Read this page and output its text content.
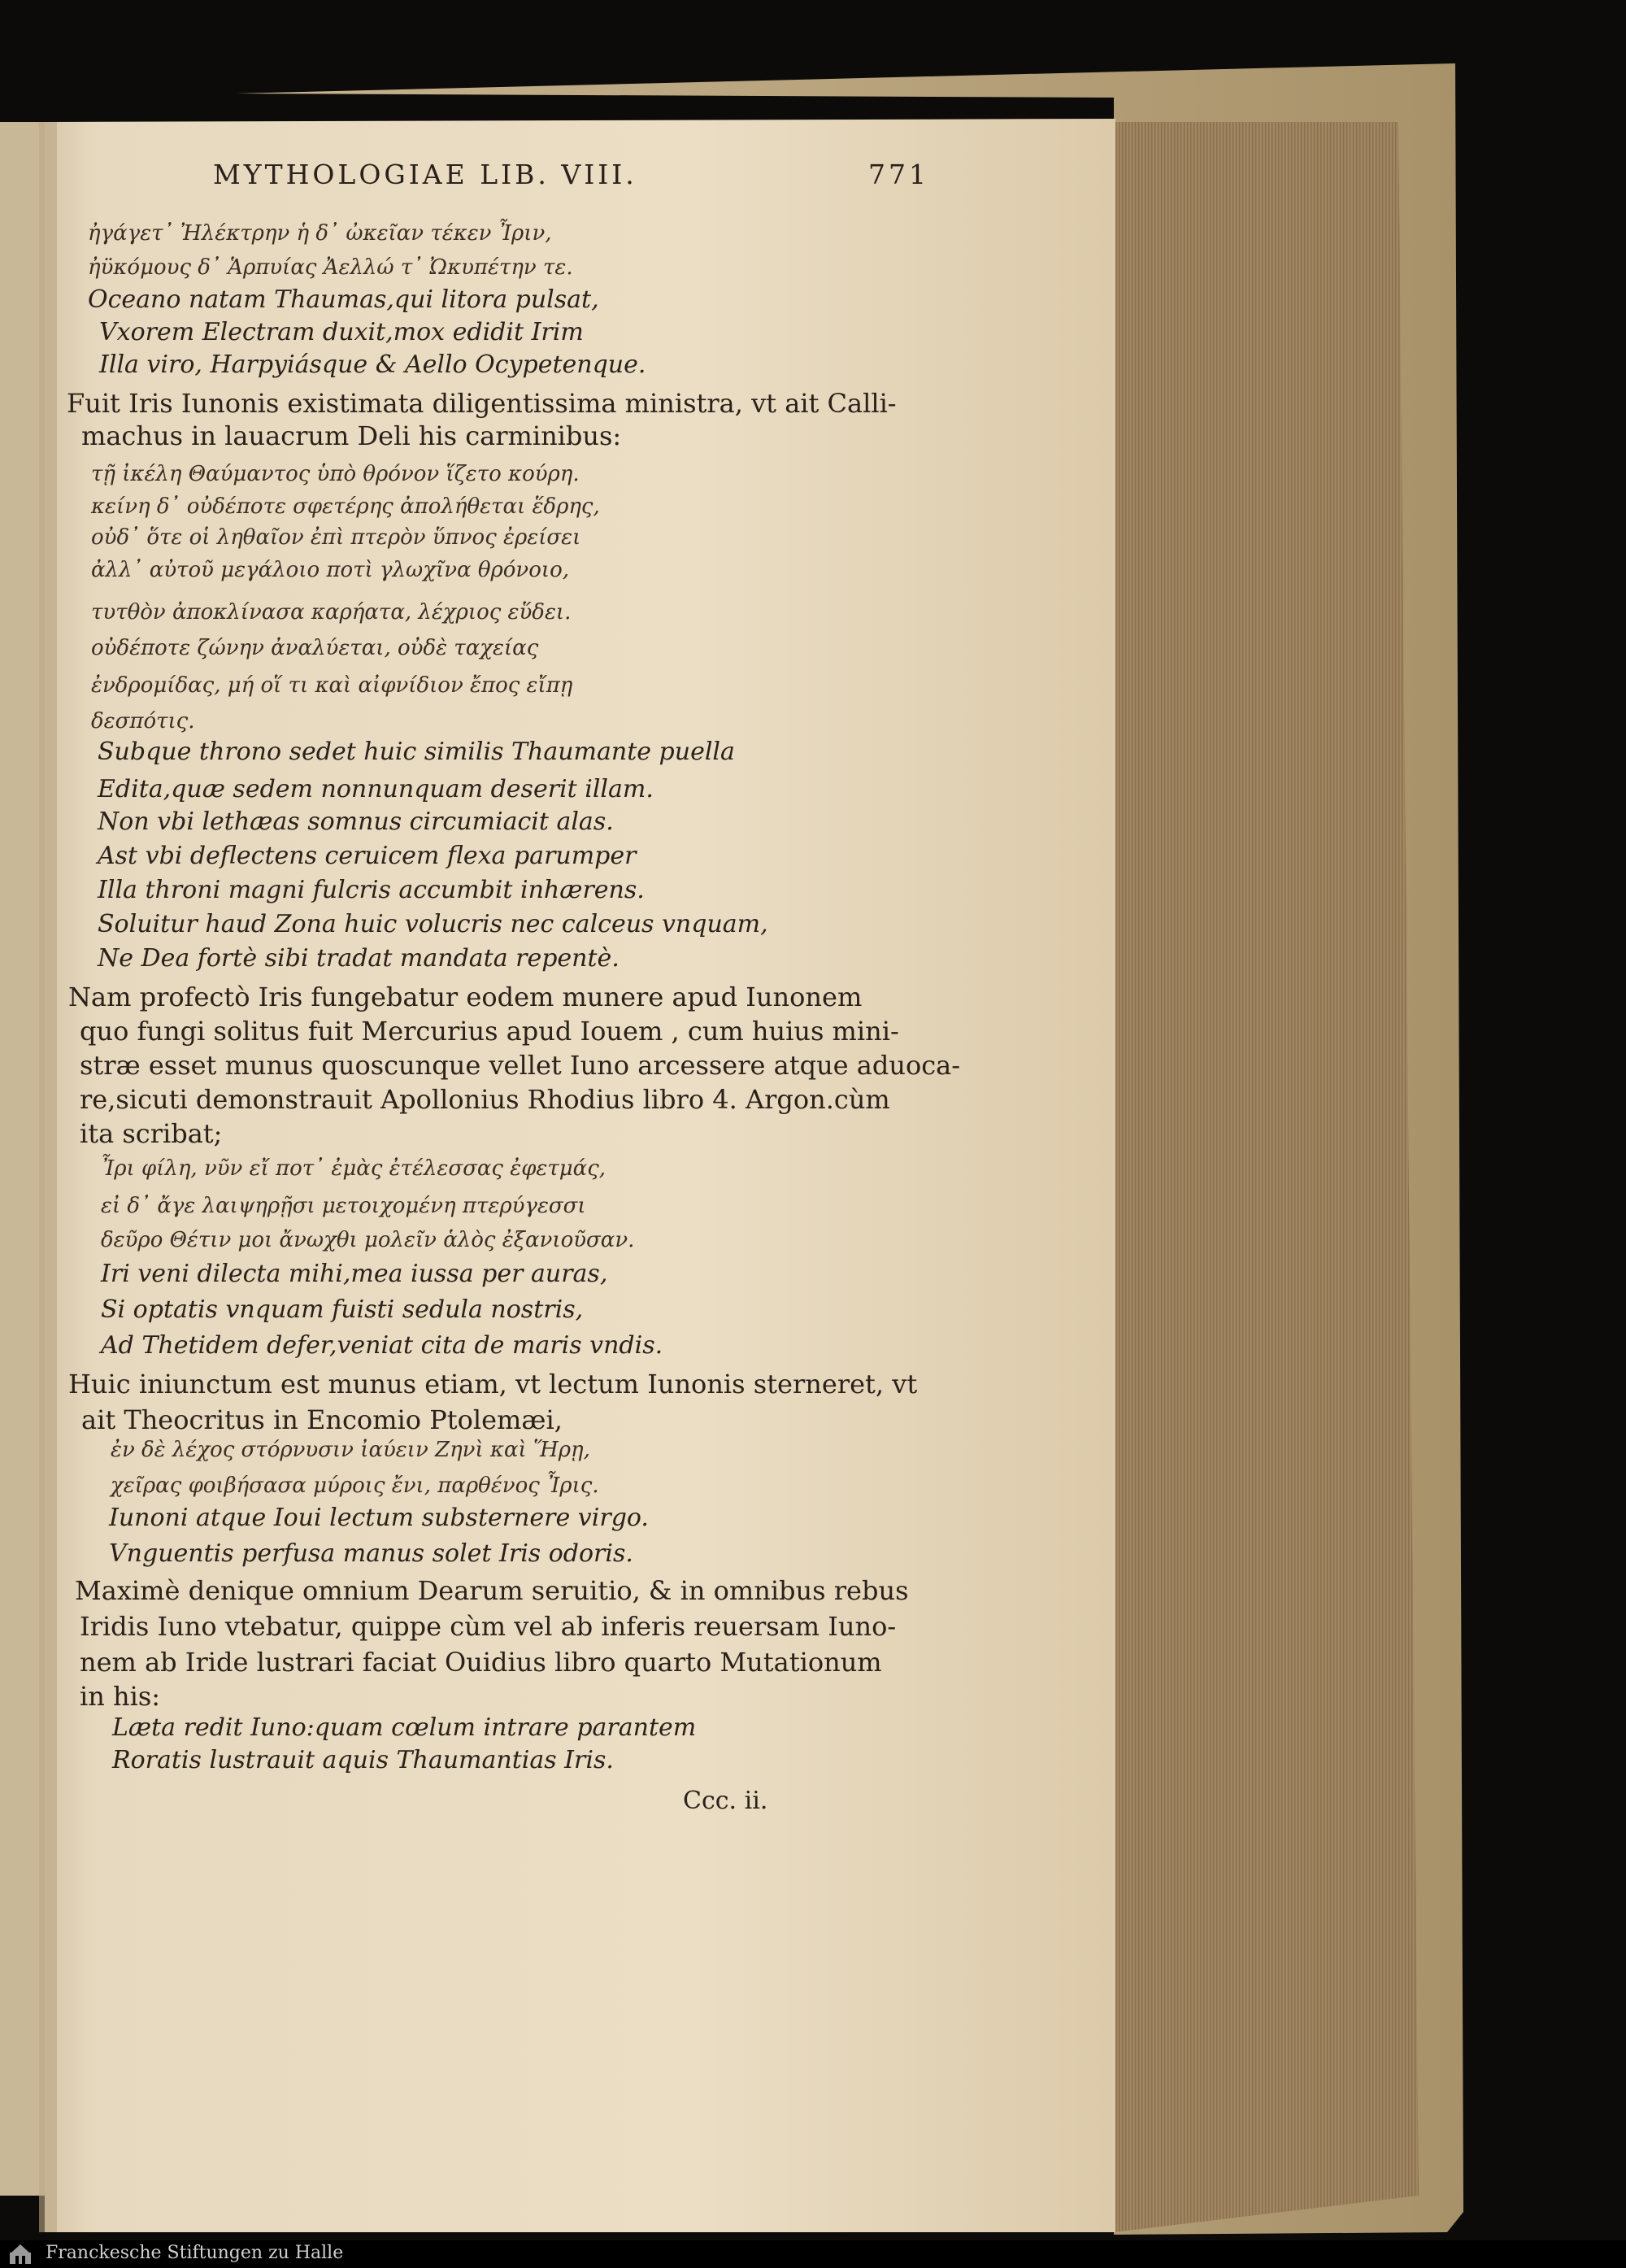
MYTHOLOGIAE LIB. VIII.	771
ἠγάγετ᾽ Ἠλέκτρην ἡ δ᾽ ὠκεῖαν τέκεν Ἶριν,
ἠϋκόμους δ᾽ Ἁρπυίας Ἀελλώ τ᾽ Ὠκυπέτην τε.
Oceano natam Thaumas,qui litora pulsat,
Vxorem Electram duxit,mox edidit Irim
Illa viro, Harpyiásque & Aello Ocypetenque.
Fuit Iris Iunonis existimata diligentissima ministra, vt ait Calli-
machus in lauacrum Deli his carminibus:
τῇ ἰκέλη Θαύμαντος ὑπὸ θρόνον ἵζετο κούρη.
κείνη δ᾽ οὐδέποτε σφετέρης ἀπολήθεται ἕδρης,
οὐδ᾽ ὅτε οἱ ληθαῖον ἐπὶ πτερὸν ὕπνος ἐρείσει
ἀλλ᾽ αὐτοῦ μεγάλοιο ποτὶ γλωχῖνα θρόνοιο,
τυτθὸν ἀποκλίνασα καρήατα, λέχριος εὕδει.
οὐδέποτε ζώνην ἀναλύεται, οὐδὲ ταχείας
ἐνδρομίδας, μή οἵ τι καὶ αἰφνίδιον ἔπος εἴπῃ
δεσπότις.
Subque throno sedet huic similis Thaumante puella
Edita,quæ sedem nonnunquam deserit illam.
Non vbi lethæas somnus circumiacit alas.
Ast vbi deflectens ceruicem flexa parumper
Illa throni magni fulcris accumbit inhærens.
Soluitur haud Zona huic volucris nec calceus vnquam,
Ne Dea fortè sibi tradat mandata repentè.
Nam profectò Iris fungebatur eodem munere apud Iunonem
quo fungi solitus fuit Mercurius apud Iouem , cum huius mini-
stræ esset munus quoscunque vellet Iuno arcessere atque aduoca-
re,sicuti demonstrauit Apollonius Rhodius libro 4. Argon.cùm
ita scribat;
Ἶρι φίλη, νῦν εἴ ποτ᾽ ἐμὰς ἐτέλεσσας ἐφετμάς,
εἰ δ᾽ ἄγε λαιψηρῇσι μετοιχομένη πτερύγεσσι
δεῦρο Θέτιν μοι ἄνωχθι μολεῖν ἁλὸς ἐξανιοῦσαν.
Iri veni dilecta mihi,mea iussa per auras,
Si optatis vnquam fuisti sedula nostris,
Ad Thetidem defer,veniat cita de maris vndis.
Huic iniunctum est munus etiam, vt lectum Iunonis sterneret, vt
ait Theocritus in Encomio Ptolemæi,
ἐν δὲ λέχος στόρνυσιν ἰαύειν Ζηνὶ καὶ Ἥρῃ,
χεῖρας φοιβήσασα μύροις ἔνι, παρθένος Ἶρις.
Iunoni atque Ioui lectum substernere virgo.
Vnguentis perfusa manus solet Iris odoris.
Maximè denique omnium Dearum seruitio, & in omnibus rebus
Iridis Iuno vtebatur, quippe cùm vel ab inferis reuersam Iuno-
nem ab Iride lustrari faciat Ouidius libro quarto Mutationum
in his:
Læta redit Iuno:quam cœlum intrare parantem
Roratis lustrauit aquis Thaumantias Iris.
Ccc. ii.

Franckesche Stiftungen zu Halle
